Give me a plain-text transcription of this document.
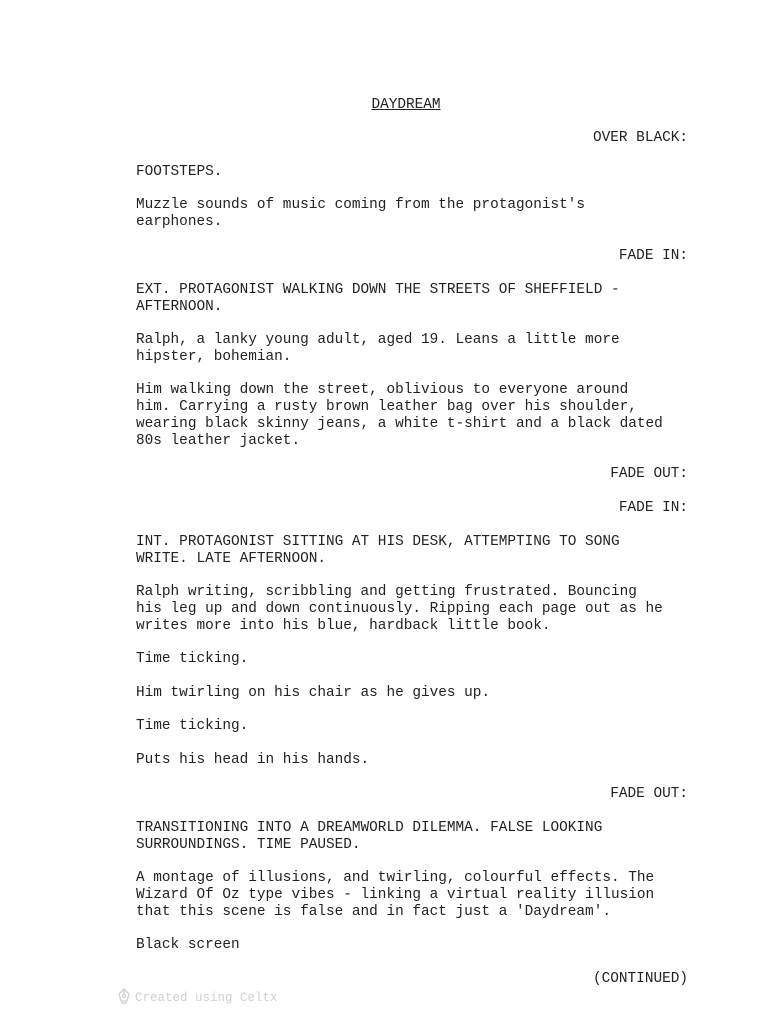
DAYDREAM

OVER BLACK:

FOOTSTEPS.

Muzzle sounds of music coming from the protagonist's
earphones.

FADE IN:

EXT. PROTAGONIST WALKING DOWN THE STREETS OF SHEFFIELD -
AFTERNOON.

Ralph, a lanky young adult, aged 19. Leans a little more
hipster, bohemian.

Him walking down the street, oblivious to everyone around
him. Carrying a rusty brown leather bag over his shoulder,
wearing black skinny jeans, a white t-shirt and a black dated
80s leather jacket.

FADE OUT:

FADE IN:

INT. PROTAGONIST SITTING AT HIS DESK, ATTEMPTING TO SONG
WRITE. LATE AFTERNOON.

Ralph writing, scribbling and getting frustrated. Bouncing
his leg up and down continuously. Ripping each page out as he
writes more into his blue, hardback little book.

Time ticking.

Him twirling on his chair as he gives up.

Time ticking.

Puts his head in his hands.

FADE OUT:

TRANSITIONING INTO A DREAMWORLD DILEMMA. FALSE LOOKING
SURROUNDINGS. TIME PAUSED.

A montage of illusions, and twirling, colourful effects. The
Wizard Of Oz type vibes - linking a virtual reality illusion
that this scene is false and in fact just a 'Daydream'.

Black screen

(CONTINUED)

Created using Celtx
